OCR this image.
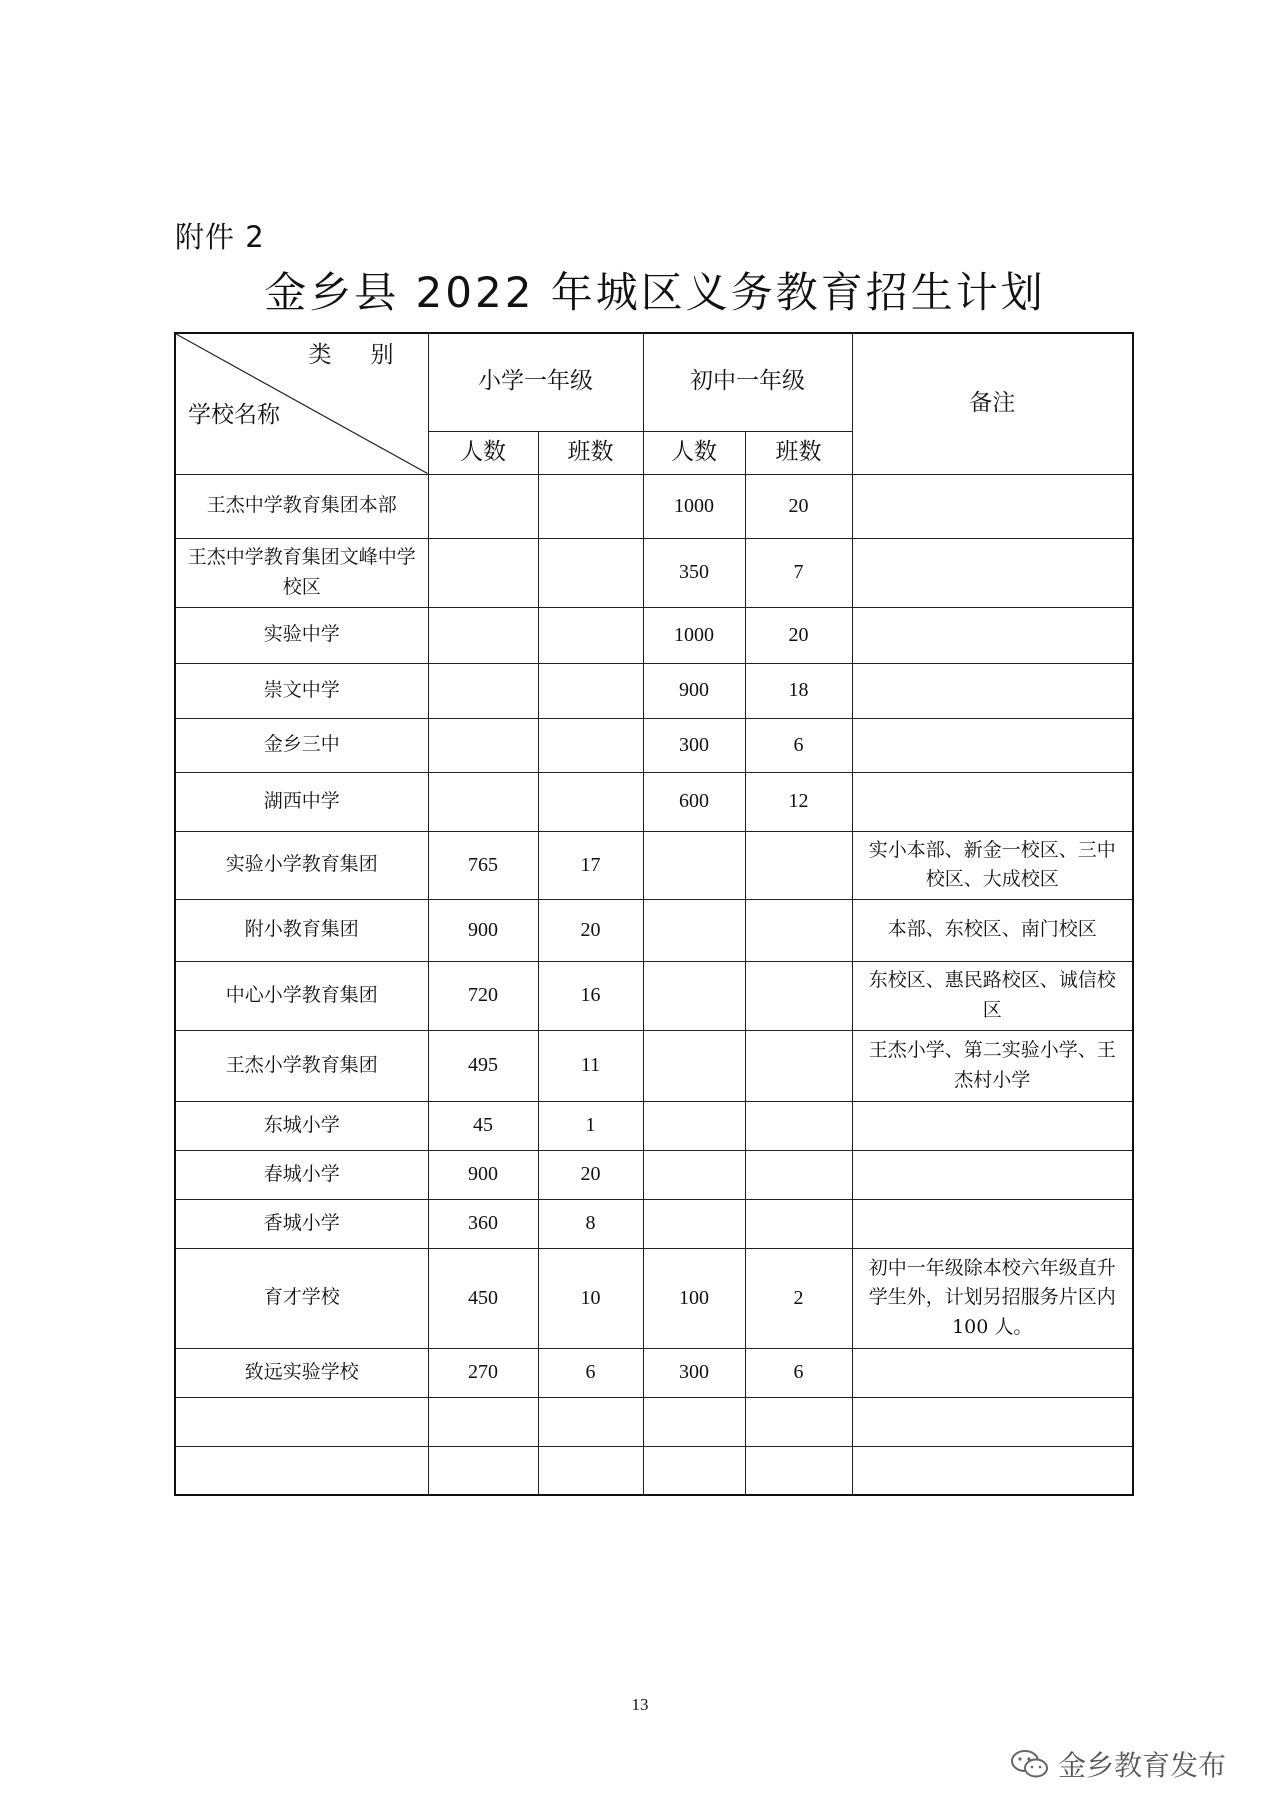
附件 2
金乡县 2022 年城区义务教育招生计划
类　别
学校名称	小学一年级		初中一年级		备注
	人数	班数	人数	班数	
王杰中学教育集团本部			1000	20	
王杰中学教育集团文峰中学校区			350	7	
实验中学			1000	20	
崇文中学			900	18	
金乡三中			300	6	
湖西中学			600	12	
实验小学教育集团	765	17			实小本部、新金一校区、三中校区、大成校区
附小教育集团	900	20			本部、东校区、南门校区
中心小学教育集团	720	16			东校区、惠民路校区、诚信校区
王杰小学教育集团	495	11			王杰小学、第二实验小学、王杰村小学
东城小学	45	1			
春城小学	900	20			
香城小学	360	8			
育才学校	450	10	100	2	初中一年级除本校六年级直升学生外，计划另招服务片区内 100 人。
致远实验学校	270	6	300	6	

13
金乡教育发布
